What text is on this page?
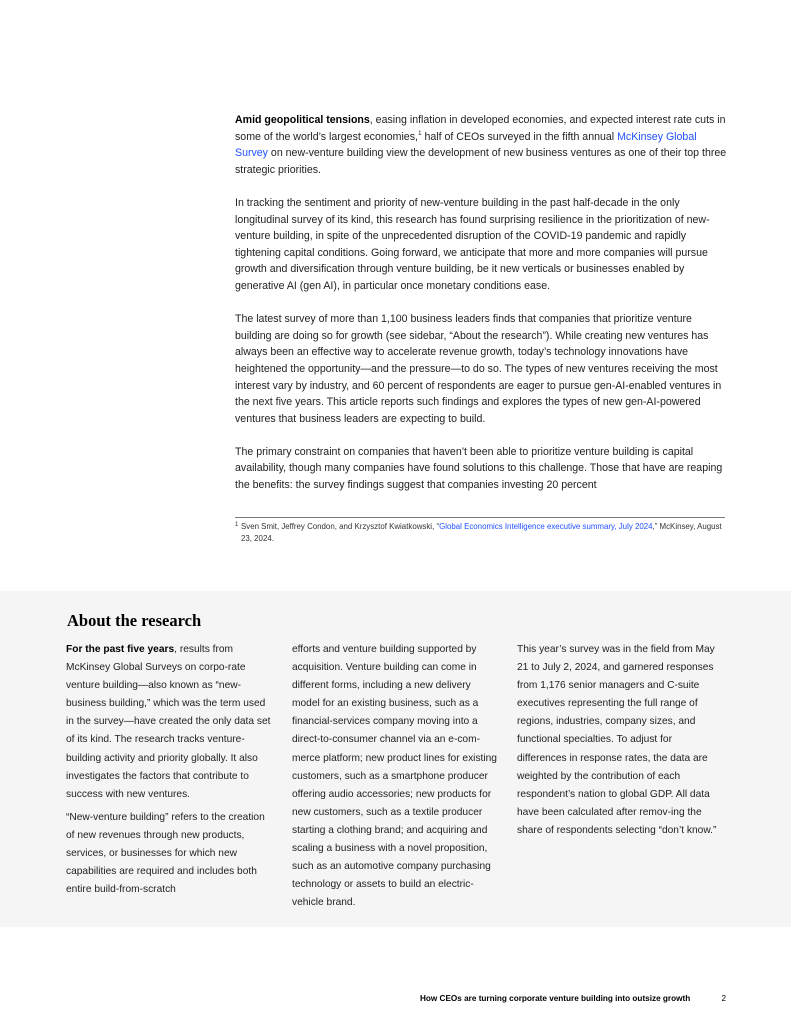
Amid geopolitical tensions, easing inflation in developed economies, and expected interest rate cuts in some of the world’s largest economies,$^1$ half of CEOs surveyed in the fifth annual McKinsey Global Survey on new-venture building view the development of new business ventures as one of their top three strategic priorities.

In tracking the sentiment and priority of new-venture building in the past half-decade in the only longitudinal survey of its kind, this research has found surprising resilience in the prioritization of new-venture building, in spite of the unprecedented disruption of the COVID-19 pandemic and rapidly tightening capital conditions. Going forward, we anticipate that more and more companies will pursue growth and diversification through venture building, be it new verticals or businesses enabled by generative AI (gen AI), in particular once monetary conditions ease.

The latest survey of more than 1,100 business leaders finds that companies that prioritize venture building are doing so for growth (see sidebar, “About the research”). While creating new ventures has always been an effective way to accelerate revenue growth, today’s technology innovations have heightened the opportunity—and the pressure—to do so. The types of new ventures receiving the most interest vary by industry, and 60 percent of respondents are eager to pursue gen-AI-enabled ventures in the next five years. This article reports such findings and explores the types of new gen-AI-powered ventures that business leaders are expecting to build.

The primary constraint on companies that haven’t been able to prioritize venture building is capital availability, though many companies have found solutions to this challenge. Those that have are reaping the benefits: the survey findings suggest that companies investing 20 percent

1 Sven Smit, Jeffrey Condon, and Krzysztof Kwiatkowski, “Global Economics Intelligence executive summary, July 2024,” McKinsey, August 23, 2024.
About the research

For the past five years, results from McKinsey Global Surveys on corpo-rate venture building—also known as “new-business building,” which was the term used in the survey—have created the only data set of its kind. The research tracks venture-building activity and priority globally. It also investigates the factors that contribute to success with new ventures.

“New-venture building” refers to the creation of new revenues through new products, services, or businesses for which new capabilities are required and includes both entire build-from-scratch

efforts and venture building supported by acquisition. Venture building can come in different forms, including a new delivery model for an existing business, such as a financial-services company moving into a direct-to-consumer channel via an e-com-merce platform; new product lines for existing customers, such as a smartphone producer offering audio accessories; new products for new customers, such as a textile producer starting a clothing brand; and acquiring and scaling a business with a novel proposition, such as an automotive company purchasing technology or assets to build an electric-vehicle brand.

This year’s survey was in the field from May 21 to July 2, 2024, and garnered responses from 1,176 senior managers and C-suite executives representing the full range of regions, industries, company sizes, and functional specialties. To adjust for differences in response rates, the data are weighted by the contribution of each respondent’s nation to global GDP. All data have been calculated after remov-ing the share of respondents selecting “don’t know.”

How CEOs are turning corporate venture building into outsize growth	2
